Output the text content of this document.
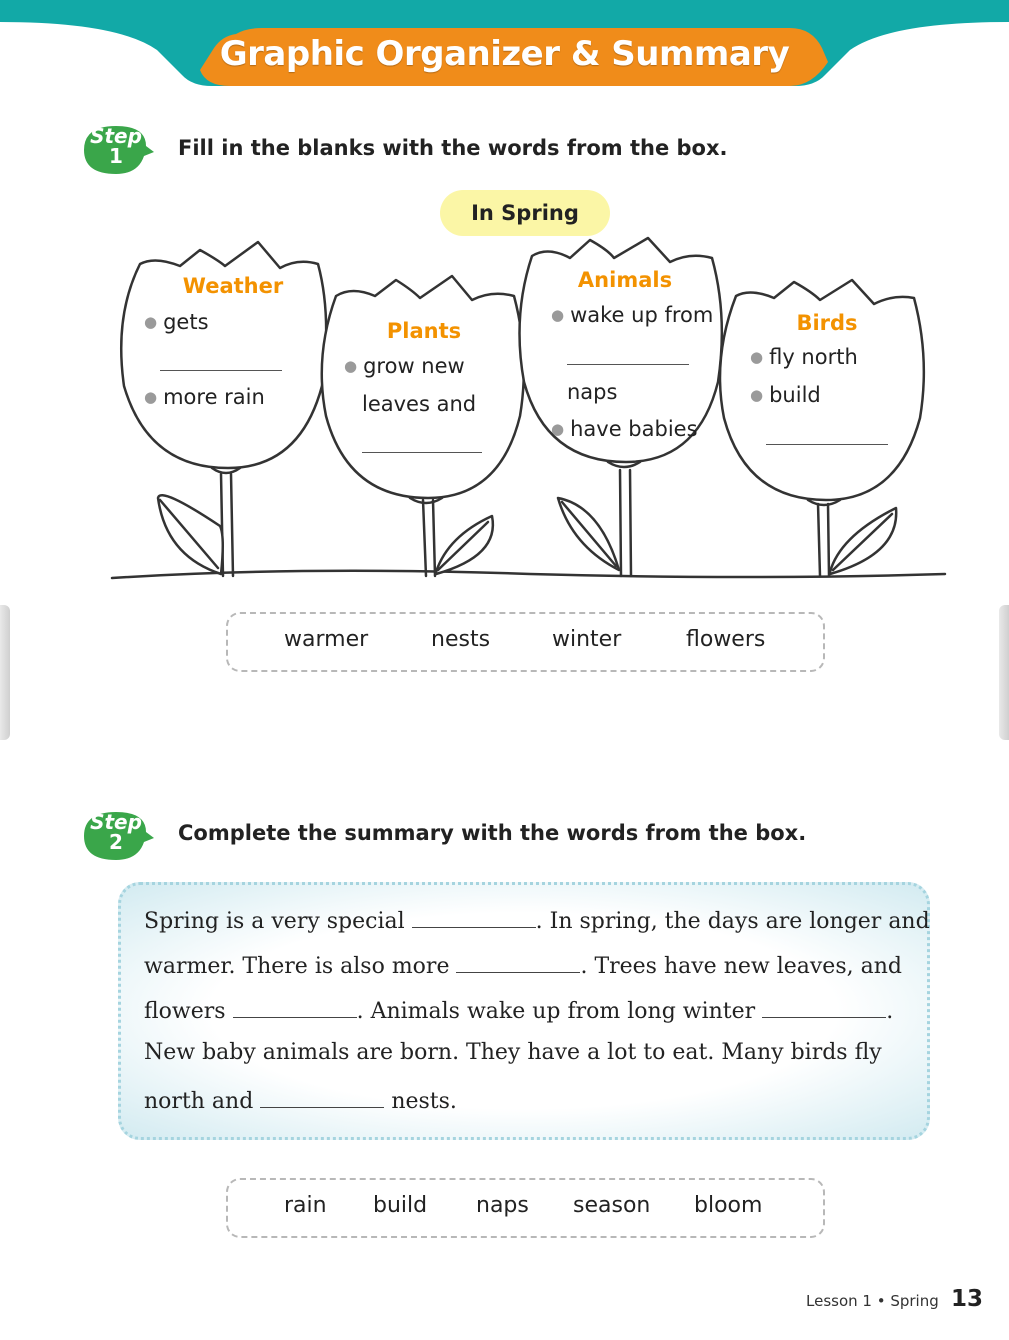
Graphic Organizer & Summary
Step
1	Fill in the blanks with the words from the box.
In Spring
Weather
● gets
● more rain
Plants
● grow new
leaves and
Animals
● wake up from
naps
● have babies
Birds
● fly north
● build
warmer	nests	winter	flowers
Step
2	Complete the summary with the words from the box.
Spring is a very special	. In spring, the days are longer and
warmer. There is also more	. Trees have new leaves, and
flowers	. Animals wake up from long winter	.
New baby animals are born. They have a lot to eat. Many birds fly
north and	nests.
rain build naps season bloom
Lesson 1 • Spring 13
